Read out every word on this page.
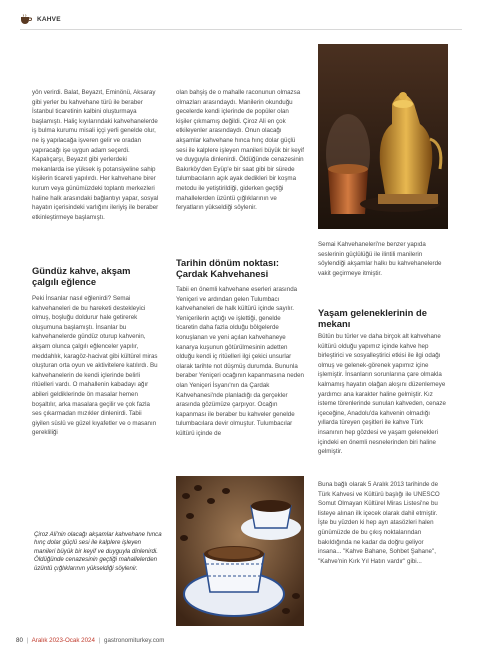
KAHVE

yön verirdi. Balat, Beyazıt, Eminönü, Aksaray gibi yerler bu kahvehane türü ile beraber İstanbul ticaretinin kalbini oluşturmaya başlamıştı. Haliç kıyılarındaki kahvehanelerde iş bulma kurumu misali iççi yerli genelde olur, ne iş yapılacağa işveren gelir ve oradan yapıracağı işe uygun adam seçerdi. Kapalıçarşı, Beyazıt gibi yerlerdeki mekanlarda ise yüksek iş potansiyeline sahip kişilerin ticareti yapılırdı. Her kahvehane birer kurum veya günümüzdeki toplantı merkezleri haline halk arasındaki bağlantıyı yapar, sosyal hayatın içerisindeki varlığını ileriyiş ile beraber etkinleştirmeye başlamıştı.

Gündüz kahve, akşam çalgılı eğlence

Peki İnsanlar nasıl eğlenirdi? Semai kahvehaneleri de bu hareketi destekleyici olmuş, boşluğu doldurur hale getirerek oluşumuna başlamıştı. İnsanlar bu kahvehanelerde gündüz oturup kahvenin, akşam olunca çalgılı eğlenceler yapılır, meddahlık, karagöz-hacivat gibi kültürel miras oluşturan orta oyun ve aktivitelere katılırdı. Bu kahvehanelerin de kendi içlerinde belirli ritüelleri vardı. O mahallenin kabadayı ağır abileri geldiklerinde ön masalar hemen boşaltılır, arka masalara geçilir ve çok fazla ses çıkarmadan mızıkler dinlenirdi. Tabii giyilen süslü ve güzel kıyafetler ve o masanın gerekliliği

Çiroz Ali'nin olacağı akşamlar kahvehane hınca hınç dolar güçlü sesi ile kalplere işleyen manileri büyük bir keyif ve duyguyla dinlenirdi. Öldüğünde cenazesinin geçtiği mahallelerden üzüntü çığlıklarının yükseldiği söylenir.

olan bahşiş de o mahalle raconunun olmazsa olmazları arasındaydı. Manilerin okunduğu gecelerde kendi içlerinde de popüler olan kişiler çıkmamış değildi. Çiroz Ali en çok etkileyenler arasındaydı. Onun olacağı akşamlar kahvehane hınca hınç dolar güçlü sesi ile kalplere işleyen manileri büyük bir keyif ve duyguyla dinlenirdi. Öldüğünde cenazesinin Bakırköy'den Eyüp'e bir saat gibi bir sürede tulumbacıların açık ayak dedikleri bir koşma metodu ile yetiştirildiği, giderken geçtiği mahallelerden üzüntü çığlıklarının ve feryatların yükseldiği söylenir.

Tarihin dönüm noktası: Çardak Kahvehanesi

Tabii en önemli kahvehane eserleri arasında Yeniçeri ve ardından gelen Tulumbacı kahvehaneleri de halk kültürü içinde sayılır. Yeniçerilerin açtığı ve işlettiği, genelde ticaretin daha fazla olduğu bölgelerde konuşlanan ve yeni açılan kahvehaneye kanarya kuşunun götürülmesinin adetten olduğu kendi iç ritüelleri ilgi çekici unsurlar olarak tarihte not düşmüş durumda. Bununla beraber Yeniçeri ocağının kapanmasına neden olan Yeniçeri İsyanı'nın da Çardak Kahvehanesi'nde planladığı da gerçekler arasında gözümüze çarpıyor. Ocağın kapanması ile beraber bu kahveler genelde tulumbacılara devir olmuştur. Tulumbacılar kültürü içinde de

Semai Kahvehaneleri'ne benzer yapıda seslerinin güçlülüğü ile ilintili manilerin söylendiği akşamlar halkı bu kahvehanelerde vakit geçirmeye itmiştir.

Yaşam geleneklerinin de mekanı

Bütün bu türler ve daha birçok alt kahvehane kültürü olduğu yapımız içinde kahve hep birleştirici ve sosyalleştirici etkisi ile ilgi odağı olmuş ve gelenek-görenek yapımız içine işlemiştir. İnsanların sorunlarına çare olmakla kalmamış hayatın olağan akışını düzenlemeye yardımcı ana karakter haline gelmiştir. Kız isteme törenlerinde sunulan kahveden, cenaze içeceğine, Anadolu'da kahvenin olmadığı yıllarda türeyen çeşitleri ile kahve Türk insanının hep gözdesi ve yaşam gelenekleri içindeki en önemli nesnelerinden biri haline gelmiştir.

Buna bağlı olarak 5 Aralık 2013 tarihinde de Türk Kahvesi ve Kültürü başlığı ile UNESCO Somut Olmayan Kültürel Miras Listesi'ne bu listeye alınan ilk içecek olarak dahil etmiştir. İşte bu yüzden ki hep ayrı atasözleri halen günümüzde de bu çıkış noktalarından bakıldığında ne kadar da doğru geliyor insana... "Kahve Bahane, Sohbet Şahane", "Kahve'nin Kırk Yıl Hatırı vardır" gibi...

80 | Aralık 2023-Ocak 2024 | gastronomiturkey.com
